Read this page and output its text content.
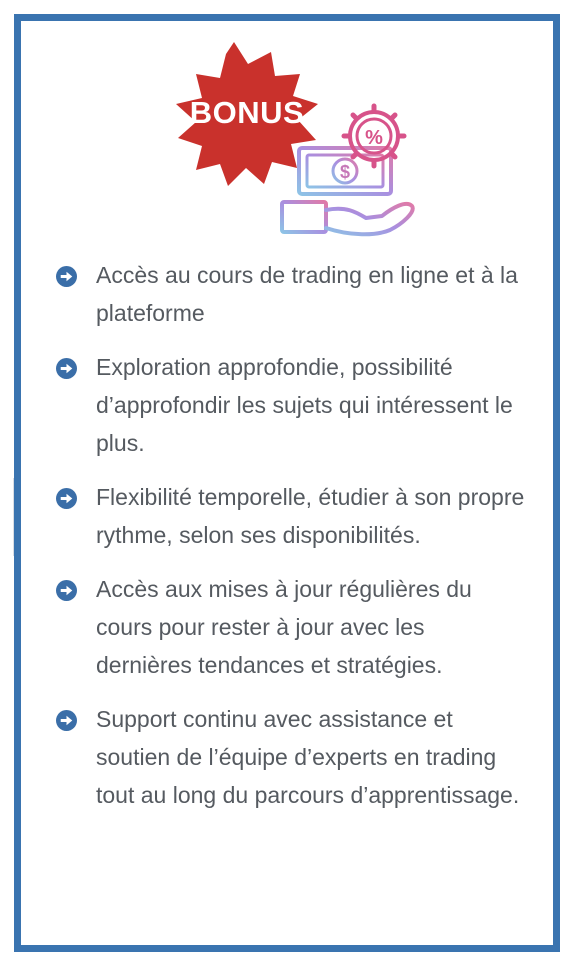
BONUS
$
%
Accès au cours de trading en ligne et à la plateforme
Exploration approfondie, possibilité d’approfondir les sujets qui intéressent le plus.
Flexibilité temporelle, étudier à son propre rythme, selon ses disponibilités.
Accès aux mises à jour régulières du cours pour rester à jour avec les dernières tendances et stratégies.
Support continu avec assistance et soutien de l’équipe d’experts en trading tout au long du parcours d’apprentissage.
